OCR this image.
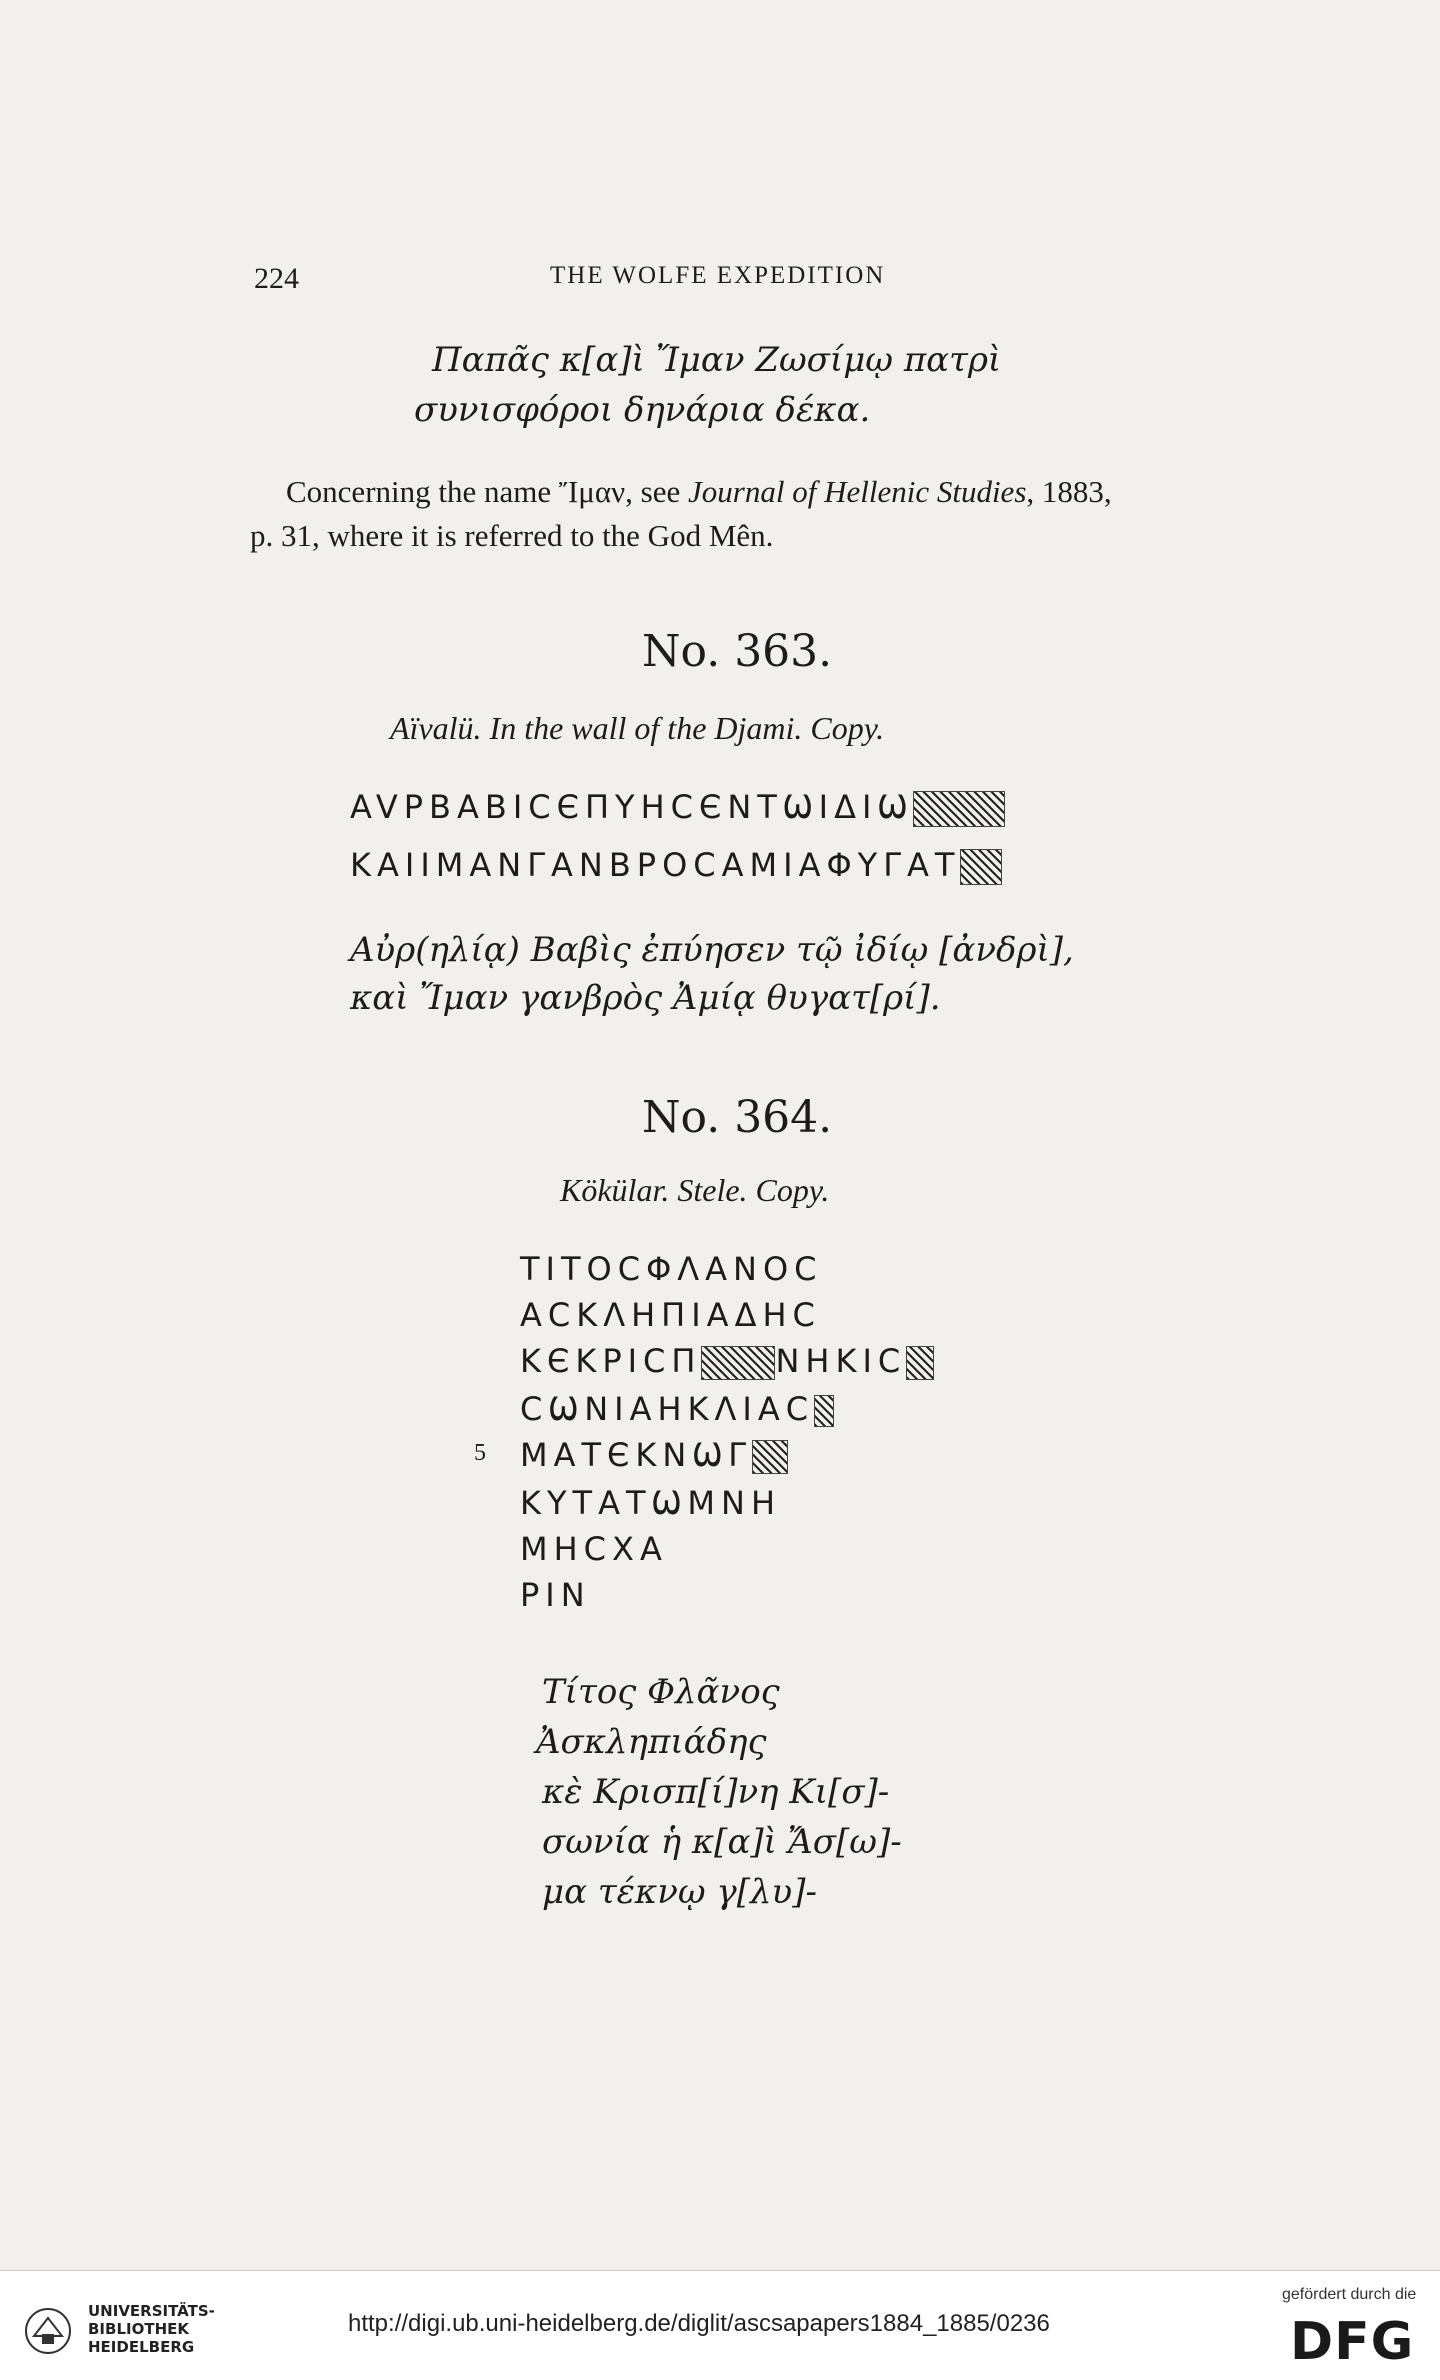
224	THE WOLFE EXPEDITION
Παπᾶς κ[α]ὶ Ἴμαν Ζωσίμῳ πατρὶ
συνισφόροι δηνάρια δέκα.
Concerning the name Ἴμαν, see Journal of Hellenic Studies, 1883,
p. 31, where it is referred to the God Mên.
No. 363.
Aïvalü. In the wall of the Djami. Copy.
AVPBABICЄΠΥΗCЄΝΤѠΙΔΙѠ
ΚΑΙΙΜΑΝΓΑΝΒΡΟCΑΜΙΑΦΥΓΑΤ
Αὐρ(ηλίᾳ) Βαβὶς ἐπύησεν τῷ ἰδίῳ [ἀνδρὶ],
καὶ Ἴμαν γανβρὸς Ἀμίᾳ θυγατ[ρί].
No. 364.
Kökülar. Stele. Copy.
ΤΙΤΟCΦΛΑΝΟC
ΑCΚΛΗΠΙΑΔΗC
ΚЄΚΡΙCΠ ΝΗΚΙC
CѠΝΙΑΗΚΛΙΑC
5 ΜΑΤЄΚΝѠΓ
ΚΥΤΑΤѠΜΝΗ
ΜΗCΧΑ
ΡΙΝ
Τίτος Φλᾶνος
Ἀσκληπιάδης
κὲ Κρισπ[ί]νη Κι[σ]-
σωνία ἡ κ[α]ὶ Ἄσ[ω]-
μα τέκνῳ γ[λυ]-
UNIVERSITÄTS-
BIBLIOTHEK
HEIDELBERG
http://digi.ub.uni-heidelberg.de/diglit/ascsapapers1884_1885/0236
gefördert durch die
DFG
